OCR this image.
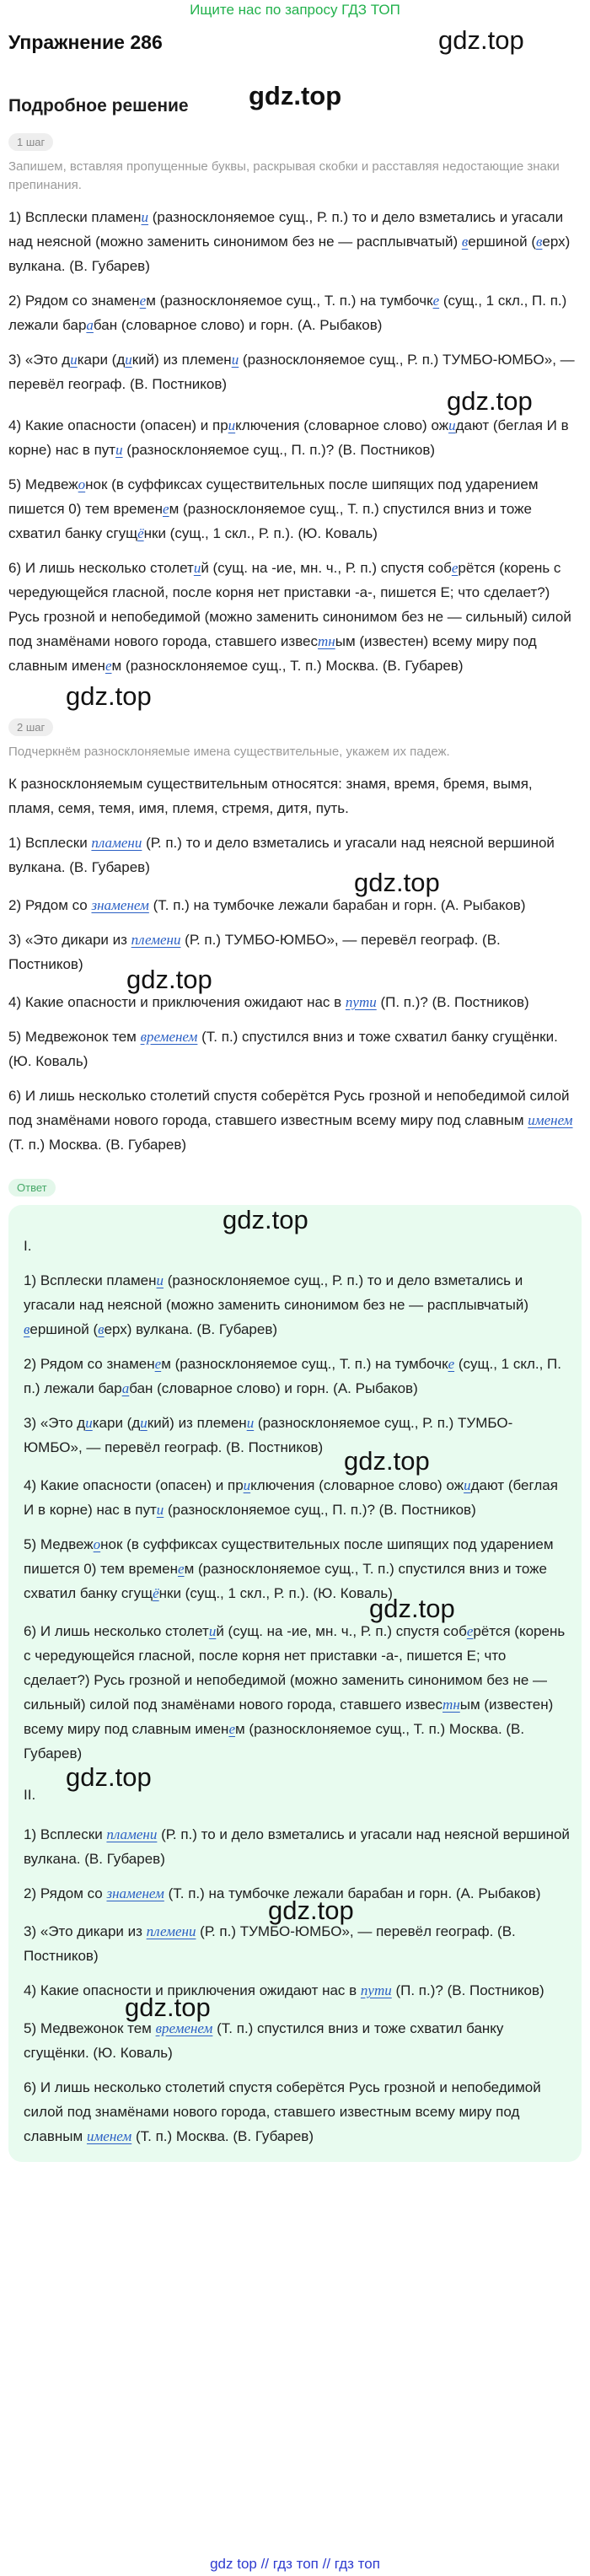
Ищите нас по запросу ГДЗ ТОП
Упражнение 286	gdz.top
Подробное решение gdz.top
1 шаг
Запишем, вставляя пропущенные буквы, раскрывая скобки и расставляя недостающие знаки препинания.
1) Всплески пламени (разносклоняемое сущ., Р. п.) то и дело взметались и угасали над неясной (можно заменить синонимом без не — расплывчатый) вершиной (верх) вулкана. (В. Губарев)
2) Рядом со знаменем (разносклоняемое сущ., Т. п.) на тумбочке (сущ., 1 скл., П. п.) лежали барабан (словарное слово) и горн. (А. Рыбаков)
3) «Это дикари (дикий) из племени (разносклоняемое сущ., Р. п.) ТУМБО-ЮМБО», — перевёл географ. (В. Постников)
gdz.top
4) Какие опасности (опасен) и приключения (словарное слово) ожидают (беглая И в корне) нас в пути (разносклоняемое сущ., П. п.)? (В. Постников)
5) Медвежонок (в суффиксах существительных после шипящих под ударением пишется 0) тем временем (разносклоняемое сущ., Т. п.) спустился вниз и тоже схватил банку сгущёнки (сущ., 1 скл., Р. п.). (Ю. Коваль)
6) И лишь несколько столетий (сущ. на -ие, мн. ч., Р. п.) спустя соберётся (корень с чередующейся гласной, после корня нет приставки -а-, пишется Е; что сделает?) Русь грозной и непобедимой (можно заменить синонимом без не — сильный) силой под знамёнами нового города, ставшего известным (известен) всему миру под славным именем (разносклоняемое сущ., Т. п.) Москва. (В. Губарев)
gdz.top
2 шаг
Подчеркнём разносклоняемые имена существительные, укажем их падеж.
К разносклоняемым существительным относятся: знамя, время, бремя, вымя, пламя, семя, темя, имя, племя, стремя, дитя, путь.
1) Всплески пламени (Р. п.) то и дело взметались и угасали над неясной вершиной вулкана. (В. Губарев)
gdz.top
2) Рядом со знаменем (Т. п.) на тумбочке лежали барабан и горн. (А. Рыбаков)
3) «Это дикари из племени (Р. п.) ТУМБО-ЮМБО», — перевёл географ. (В. Постников)
gdz.top
4) Какие опасности и приключения ожидают нас в пути (П. п.)? (В. Постников)
5) Медвежонок тем временем (Т. п.) спустился вниз и тоже схватил банку сгущёнки. (Ю. Коваль)
6) И лишь несколько столетий спустя соберётся Русь грозной и непобедимой силой под знамёнами нового города, ставшего известным всему миру под славным именем (Т. п.) Москва. (В. Губарев)
Ответ
gdz.top
I.
1) Всплески пламени (разносклоняемое сущ., Р. п.) то и дело взметались и угасали над неясной (можно заменить синонимом без не — расплывчатый) вершиной (верх) вулкана. (В. Губарев)
2) Рядом со знаменем (разносклоняемое сущ., Т. п.) на тумбочке (сущ., 1 скл., П. п.) лежали барабан (словарное слово) и горн. (А. Рыбаков)
3) «Это дикари (дикий) из племени (разносклоняемое сущ., Р. п.) ТУМБО-ЮМБО», — перевёл географ. (В. Постников) gdz.top
4) Какие опасности (опасен) и приключения (словарное слово) ожидают (беглая И в корне) нас в пути (разносклоняемое сущ., П. п.)? (В. Постников)
5) Медвежонок (в суффиксах существительных после шипящих под ударением пишется 0) тем временем (разносклоняемое сущ., Т. п.) спустился вниз и тоже схватил банку сгущёнки (сущ., 1 скл., Р. п.). (Ю. Коваль)
gdz.top
6) И лишь несколько столетий (сущ. на -ие, мн. ч., Р. п.) спустя соберётся (корень с чередующейся гласной, после корня нет приставки -а-, пишется Е; что сделает?) Русь грозной и непобедимой (можно заменить синонимом без не — сильный) силой под знамёнами нового города, ставшего известным (известен) всему миру под славным именем (разносклоняемое сущ., Т. п.) Москва. (В. Губарев)
gdz.top
II.
1) Всплески пламени (Р. п.) то и дело взметались и угасали над неясной вершиной вулкана. (В. Губарев)
2) Рядом со знаменем (Т. п.) на тумбочке лежали барабан и горн. (А. Рыбаков)
gdz.top
3) «Это дикари из племени (Р. п.) ТУМБО-ЮМБО», — перевёл географ. (В. Постников)
4) Какие опасности и приключения ожидают нас в пути (П. п.)? (В. Постников)
gdz.top
5) Медвежонок тем временем (Т. п.) спустился вниз и тоже схватил банку сгущёнки. (Ю. Коваль)
6) И лишь несколько столетий спустя соберётся Русь грозной и непобедимой силой под знамёнами нового города, ставшего известным всему миру под славным именем (Т. п.) Москва. (В. Губарев)
gdz top // гдз топ // гдз топ
